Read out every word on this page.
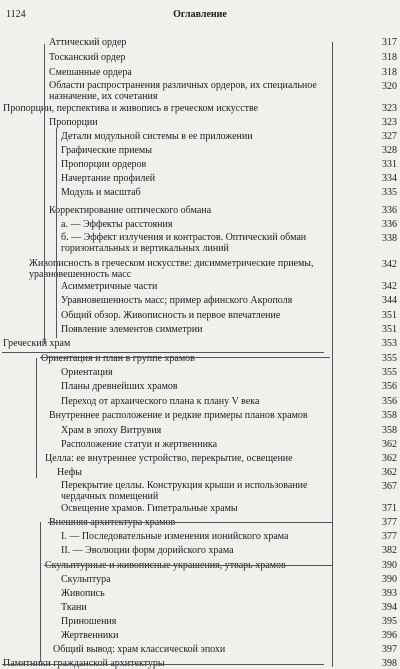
1124	Оглавление
Аттический ордер	317
Тосканский ордер	318
Смешанные ордера	318
Области распространения различных ордеров, их специальное назначение, их сочетания
320
Пропорции, перспектива и живопись в греческом искусстве	323
Пропорции	323
Детали модульной системы в ее приложении	327
Графические приемы	328
Пропорции ордеров	331
Начертание профилей	334
Модуль и масштаб	335
Корректирование оптического обмана	336
а. — Эффекты расстояния	336
б. — Эффект излучения и контрастов. Оптический обман горизонтальных и вертикальных линий
338
Живописность в греческом искусстве: дисимметрические приемы, уравновешенность масс
342
Асимметричные части	342
Уравновешенность масс; пример афинского Акрополя	344
Общий обзор. Живописность и первое впечатление	351
Появление элементов симметрии	351
Греческий храм	353
Ориентация и план в группе храмов	355
Ориентация	355
Планы древнейших храмов	356
Переход от архаического плана к плану V века	356
Внутреннее расположение и редкие примеры планов храмов	358
Храм в эпоху Витрувия	358
Расположение статуи и жертвенника	362
Целла: ее внутреннее устройство, перекрытие, освещение	362
Нефы	362
Перекрытие целлы. Конструкция крыши и использование чердачных помещений
367
Освещение храмов. Гипетральные храмы	371
Внешняя архитектура храмов	377
I. — Последовательные изменения ионийского храма	377
II. — Эволюции форм дорийского храма	382
Скульптурные и живописные украшения, утварь храмов	390
Скульптура	390
Живопись	393
Ткани	394
Приношения	395
Жертвенники	396
Общий вывод: храм классической эпохи	397
Памятники гражданской архитектуры	398
